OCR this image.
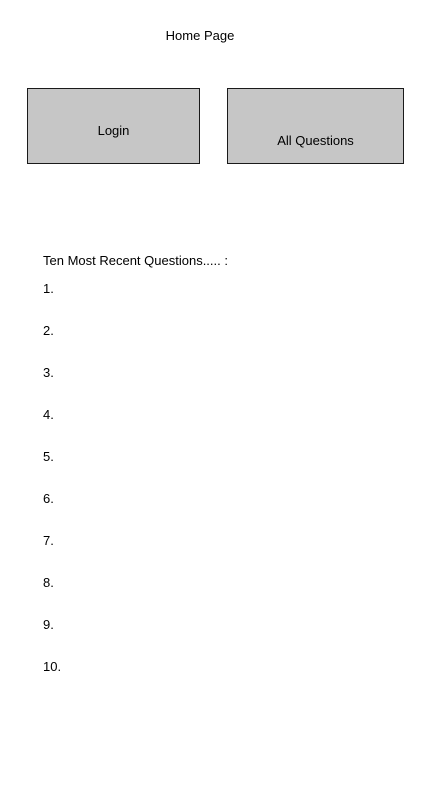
Home Page
Login
All Questions
Ten Most Recent Questions..... :
1.
2.
3.
4.
5.
6.
7.
8.
9.
10.
